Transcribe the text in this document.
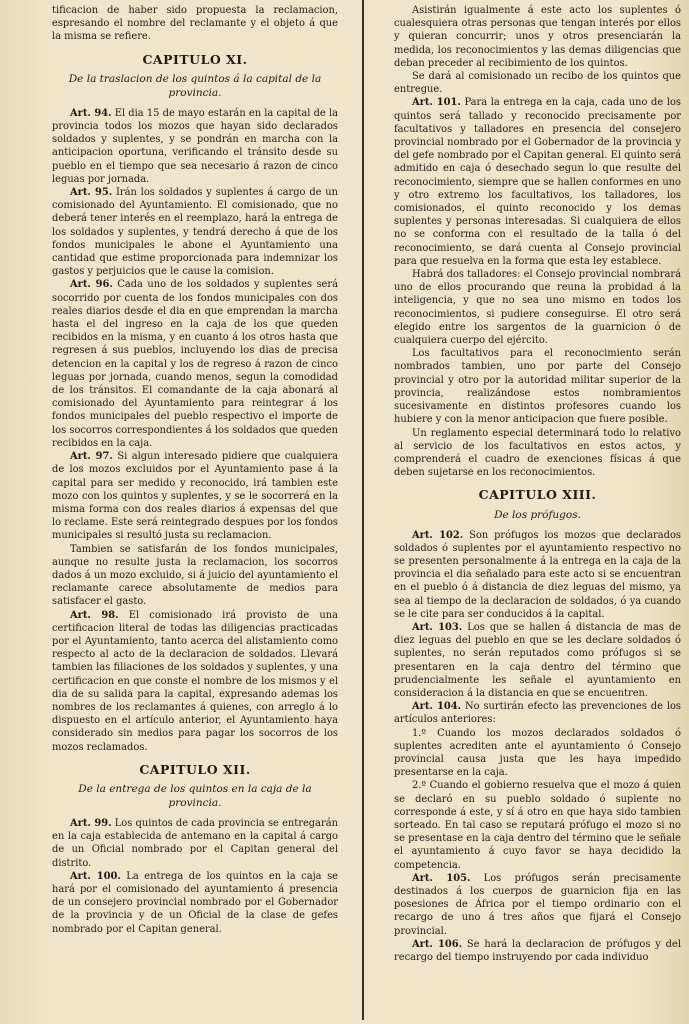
tificacion de haber sido propuesta la reclamacion, espresando el nombre del reclamante y el objeto á que la misma se refiere.

CAPITULO XI.

De la traslacion de los quintos á la capital de la provincia.

Art. 94. El dia 15 de mayo estarán en la capital de la provincia todos los mozos que hayan sido declarados soldados y suplentes, y se pondrán en marcha con la anticipacion oportuna, verificando el tránsito desde su pueblo en el tiempo que sea necesario á razon de cinco leguas por jornada.

Art. 95. Irán los soldados y suplentes á cargo de un comisionado del Ayuntamiento. El comisionado, que no deberá tener interés en el reemplazo, hará la entrega de los soldados y suplentes, y tendrá derecho á que de los fondos municipales le abone el Ayuntamiento una cantidad que estime proporcionada para indemnizar los gastos y perjuicios que le cause la comision.

Art. 96. Cada uno de los soldados y suplentes será socorrido por cuenta de los fondos municipales con dos reales diarios desde el dia en que emprendan la marcha hasta el del ingreso en la caja de los que queden recibidos en la misma, y en cuanto á los otros hasta que regresen á sus pueblos, incluyendo los dias de precisa detencion en la capital y los de regreso á razon de cinco leguas por jornada, cuando menos, segun la comodidad de los tránsitos. El comandante de la caja abonará al comisionado del Ayuntamiento para reintegrar á los fondos municipales del pueblo respectivo el importe de los socorros correspondientes á los soldados que queden recibidos en la caja.

Art. 97. Si algun interesado pidiere que cualquiera de los mozos excluidos por el Ayuntamiento pase á la capital para ser medido y reconocido, irá tambien este mozo con los quintos y suplentes, y se le socorrerá en la misma forma con dos reales diarios á expensas del que lo reclame. Este será reintegrado despues por los fondos municipales si resultó justa su reclamacion.

Tambien se satisfarán de los fondos municipales, aunque no resulte justa la reclamacion, los socorros dados á un mozo excluido, si á juicio del ayuntamiento el reclamante carece absolutamente de medios para satisfacer el gasto.

Art. 98. El comisionado irá provisto de una certificacion literal de todas las diligencias practicadas por el Ayuntamiento, tanto acerca del alistamiento como respecto al acto de la declaracion de soldados. Llevará tambien las filiaciones de los soldados y suplentes, y una certificacion en que conste el nombre de los mismos y el dia de su salida para la capital, expresando ademas los nombres de los reclamantes á quienes, con arreglo á lo dispuesto en el artículo anterior, el Ayuntamiento haya considerado sin medios para pagar los socorros de los mozos reclamados.

CAPITULO XII.

De la entrega de los quintos en la caja de la provincia.

Art. 99. Los quintos de cada provincia se entregarán en la caja establecida de antemano en la capital á cargo de un Oficial nombrado por el Capitan general del distrito.

Art. 100. La entrega de los quintos en la caja se hará por el comisionado del ayuntamiento á presencia de un consejero provincial nombrado por el Gobernador de la provincia y de un Oficial de la clase de gefes nombrado por el Capitan general.

Asistirán igualmente á este acto los suplentes ó cualesquiera otras personas que tengan interés por ellos y quieran concurrir; unos y otros presenciarán la medida, los reconocimientos y las demas diligencias que deban preceder al recibimiento de los quintos.

Se dará al comisionado un recibo de los quintos que entregue.

Art. 101. Para la entrega en la caja, cada uno de los quintos será tallado y reconocido precisamente por facultativos y talladores en presencia del consejero provincial nombrado por el Gobernador de la provincia y del gefe nombrado por el Capitan general. El quinto será admitido en caja ó desechado segun lo que resulte del reconocimiento, siempre que se hallen conformes en uno y otro extremo los facultativos, los talladores, los comisionados, el quinto reconocido y los demas suplentes y personas interesadas. Si cualquiera de ellos no se conforma con el resultado de la talla ó del reconocimiento, se dará cuenta al Consejo provincial para que resuelva en la forma que esta ley establece.

Habrá dos talladores: el Consejo provincial nombrará uno de ellos procurando que reuna la probidad á la inteligencia, y que no sea uno mismo en todos los reconocimientos, si pudiere conseguirse. El otro será elegido entre los sargentos de la guarnicion ó de cualquiera cuerpo del ejército.

Los facultativos para el reconocimiento serán nombrados tambien, uno por parte del Consejo provincial y otro por la autoridad militar superior de la provincia, realizándose estos nombramientos sucesivamente en distintos profesores cuando los hubiere y con la menor anticipacion que fuere posible.

Un reglamento especial determinará todo lo relativo al servicio de los facultativos en estos actos, y comprenderá el cuadro de exenciones físicas á que deben sujetarse en los reconocimientos.

CAPITULO XIII.

De los prófugos.

Art. 102. Son prófugos los mozos que declarados soldados ó suplentes por el ayuntamiento respectivo no se presenten personalmente á la entrega en la caja de la provincia el dia señalado para este acto si se encuentran en el pueblo ó á distancia de diez leguas del mismo, ya sea al tiempo de la declaracion de soldados, ó ya cuando se le cite para ser conducidos á la capital.

Art. 103. Los que se hallen á distancia de mas de diez leguas del pueblo en que se les declare soldados ó suplentes, no serán reputados como prófugos si se presentaren en la caja dentro del término que prudencialmente les señale el ayuntamiento en consideracion á la distancia en que se encuentren.

Art. 104. No surtirán efecto las prevenciones de los artículos anteriores:

1.º Cuando los mozos declarados soldados ó suplentes acrediten ante el ayuntamiento ó Consejo provincial causa justa que les haya impedido presentarse en la caja.

2.º Cuando el gobierno resuelva que el mozo á quien se declaró en su pueblo soldado ó suplente no corresponde á este, y sí á otro en que haya sido tambien sorteado. En tal caso se reputará prófugo el mozo si no se presentase en la caja dentro del término que le señale el ayuntamiento á cuyo favor se haya decidido la competencia.

Art. 105. Los prófugos serán precisamente destinados á los cuerpos de guarnicion fija en las posesiones de África por el tiempo ordinario con el recargo de uno á tres años que fijará el Consejo provincial.

Art. 106. Se hará la declaracion de prófugos y del recargo del tiempo instruyendo por cada individuo
